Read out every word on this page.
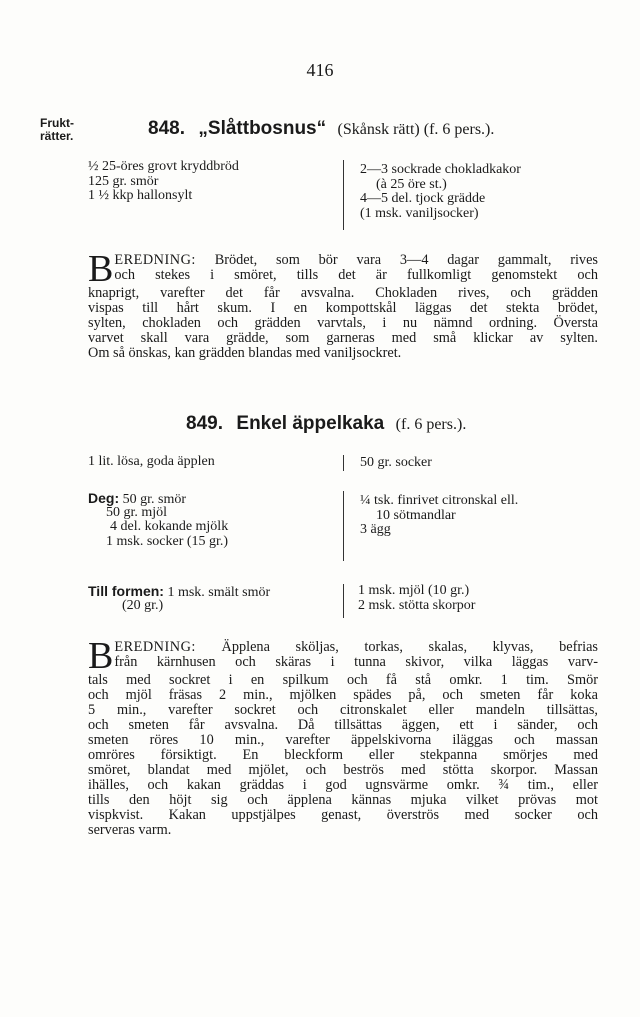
416
Frukt-
rätter.	848. „Slåttbosnus“ (Skånsk rätt) (f. 6 pers.).
½ 25-öres grovt kryddbröd
125 gr. smör
1 ½ kkp hallonsylt
2—3 sockrade chokladkakor
(à 25 öre st.)
4—5 del. tjock grädde
(1 msk. vaniljsocker)
B EREDNING: Brödet, som bör vara 3—4 dagar gammalt, rives
och stekes i smöret, tills det är fullkomligt genomstekt och
knaprigt, varefter det får avsvalna. Chokladen rives, och grädden
vispas till hårt skum. I en kompottskål läggas det stekta brödet,
sylten, chokladen och grädden varvtals, i nu nämnd ordning. Översta
varvet skall vara grädde, som garneras med små klickar av sylten.
Om så önskas, kan grädden blandas med vaniljsockret.
849. Enkel äppelkaka (f. 6 pers.).
1 lit. lösa, goda äpplen	50 gr. socker
Deg: 50 gr. smör
50 gr. mjöl
4 del. kokande mjölk
1 msk. socker (15 gr.)
¼ tsk. finrivet citronskal ell.
10 sötmandlar
3 ägg
Till formen: 1 msk. smält smör
(20 gr.)
1 msk. mjöl (10 gr.)
2 msk. stötta skorpor
B EREDNING: Äpplena sköljas, torkas, skalas, klyvas, befrias
från kärnhusen och skäras i tunna skivor, vilka läggas varv-
tals med sockret i en spilkum och få stå omkr. 1 tim. Smör
och mjöl fräsas 2 min., mjölken spädes på, och smeten får koka
5 min., varefter sockret och citronskalet eller mandeln tillsättas,
och smeten får avsvalna. Då tillsättas äggen, ett i sänder, och
smeten röres 10 min., varefter äppelskivorna iläggas och massan
omröres försiktigt. En bleckform eller stekpanna smörjes med
smöret, blandat med mjölet, och beströs med stötta skorpor. Massan
ihälles, och kakan gräddas i god ugnsvärme omkr. ¾ tim., eller
tills den höjt sig och äpplena kännas mjuka vilket prövas mot
vispkvist. Kakan uppstjälpes genast, överströs med socker och
serveras varm.
